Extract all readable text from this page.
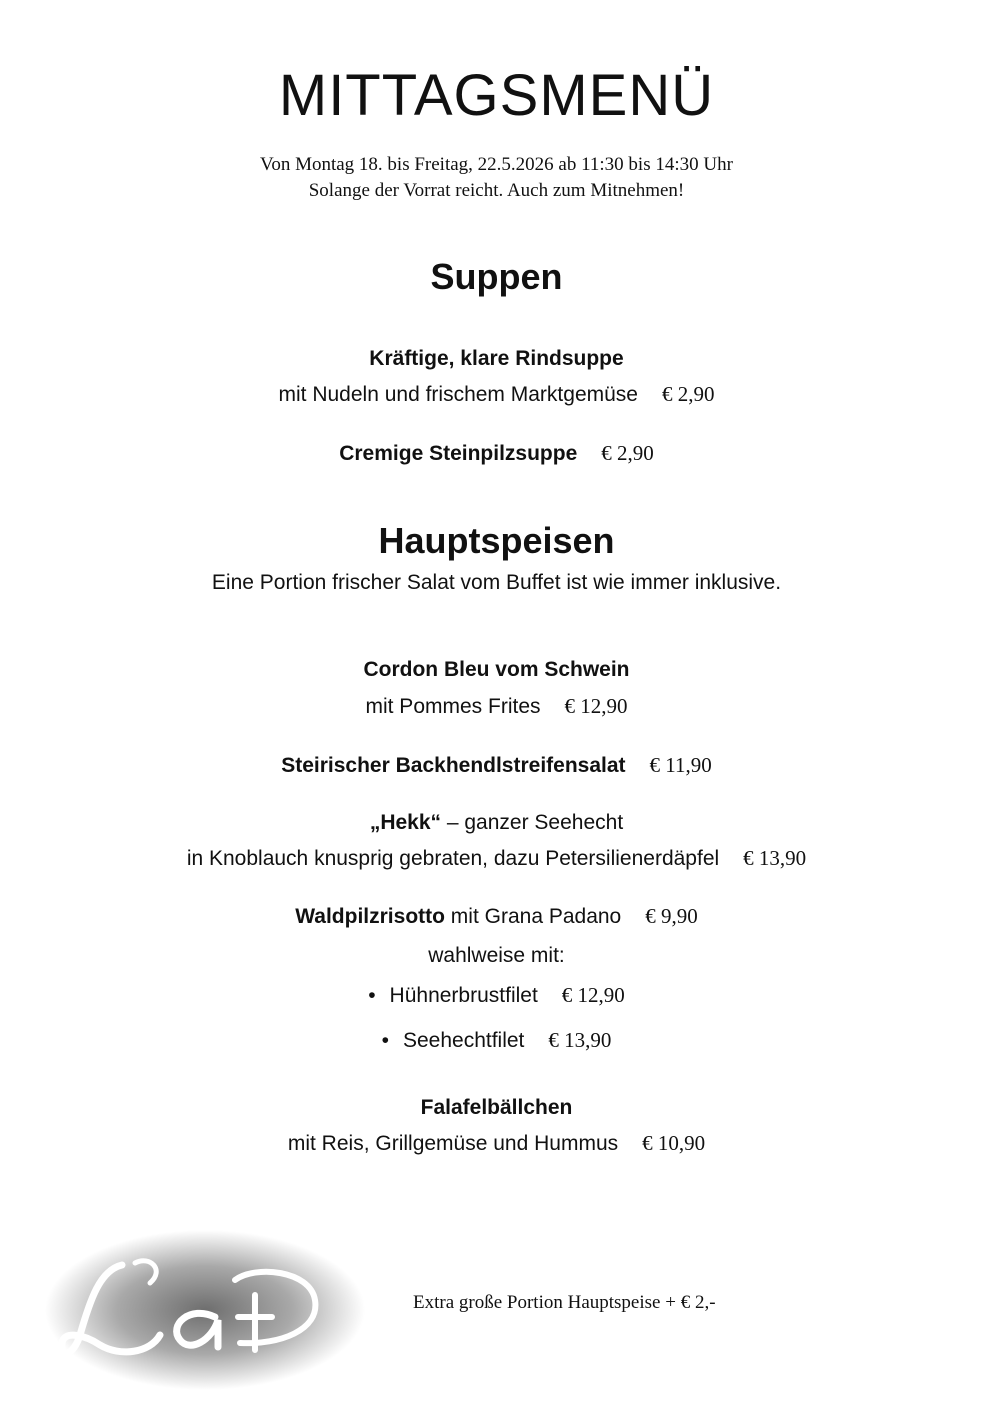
MITTAGSMENÜ
Von Montag 18. bis Freitag, 22.5.2026 ab 11:30 bis 14:30 Uhr
Solange der Vorrat reicht. Auch zum Mitnehmen!
Suppen
Kräftige, klare Rindsuppe
mit Nudeln und frischem Marktgemüse € 2,90
Cremige Steinpilzsuppe € 2,90
Hauptspeisen
Eine Portion frischer Salat vom Buffet ist wie immer inklusive.
Cordon Bleu vom Schwein
mit Pommes Frites € 12,90
Steirischer Backhendlstreifensalat € 11,90
„Hekk“ – ganzer Seehecht
in Knoblauch knusprig gebraten, dazu Petersilienerdäpfel € 13,90
Waldpilzrisotto mit Grana Padano € 9,90
wahlweise mit:
• Hühnerbrustfilet € 12,90
• Seehechtfilet € 13,90
Falafelbällchen
mit Reis, Grillgemüse und Hummus € 10,90
Extra große Portion Hauptspeise + € 2,-
